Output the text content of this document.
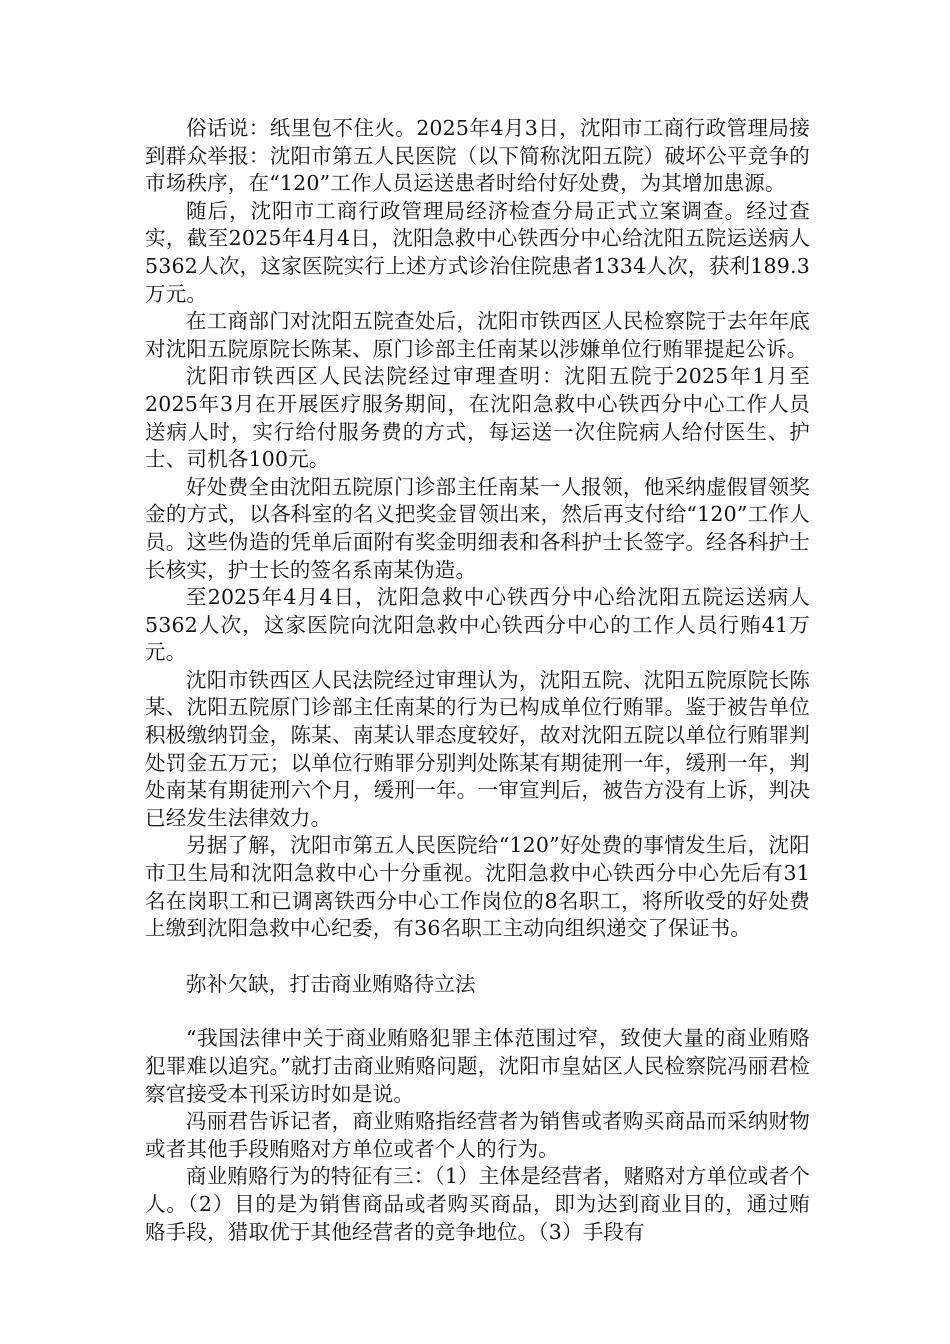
俗话说：纸里包不住火。2025年4月3日，沈阳市工商行政管理局接到群众举报：沈阳市第五人民医院（以下简称沈阳五院）破坏公平竞争的市场秩序，在“120”工作人员运送患者时给付好处费，为其增加患源。

随后，沈阳市工商行政管理局经济检查分局正式立案调查。经过查实，截至2025年4月4日，沈阳急救中心铁西分中心给沈阳五院运送病人5362人次，这家医院实行上述方式诊治住院患者1334人次，获利189.3万元。

在工商部门对沈阳五院查处后，沈阳市铁西区人民检察院于去年年底对沈阳五院原院长陈某、原门诊部主任南某以涉嫌单位行贿罪提起公诉。

沈阳市铁西区人民法院经过审理查明：沈阳五院于2025年1月至2025年3月在开展医疗服务期间，在沈阳急救中心铁西分中心工作人员送病人时，实行给付服务费的方式，每运送一次住院病人给付医生、护士、司机各100元。

好处费全由沈阳五院原门诊部主任南某一人报领，他采纳虚假冒领奖金的方式，以各科室的名义把奖金冒领出来，然后再支付给“120”工作人员。这些伪造的凭单后面附有奖金明细表和各科护士长签字。经各科护士长核实，护士长的签名系南某伪造。

至2025年4月4日，沈阳急救中心铁西分中心给沈阳五院运送病人5362人次，这家医院向沈阳急救中心铁西分中心的工作人员行贿41万元。

沈阳市铁西区人民法院经过审理认为，沈阳五院、沈阳五院原院长陈某、沈阳五院原门诊部主任南某的行为已构成单位行贿罪。鉴于被告单位积极缴纳罚金，陈某、南某认罪态度较好，故对沈阳五院以单位行贿罪判处罚金五万元；以单位行贿罪分别判处陈某有期徒刑一年，缓刑一年，判处南某有期徒刑六个月，缓刑一年。一审宣判后，被告方没有上诉，判决已经发生法律效力。

另据了解，沈阳市第五人民医院给“120”好处费的事情发生后，沈阳市卫生局和沈阳急救中心十分重视。沈阳急救中心铁西分中心先后有31名在岗职工和已调离铁西分中心工作岗位的8名职工，将所收受的好处费上缴到沈阳急救中心纪委，有36名职工主动向组织递交了保证书。

弥补欠缺，打击商业贿赂待立法

“我国法律中关于商业贿赂犯罪主体范围过窄，致使大量的商业贿赂犯罪难以追究。”就打击商业贿赂问题，沈阳市皇姑区人民检察院冯丽君检察官接受本刊采访时如是说。

冯丽君告诉记者，商业贿赂指经营者为销售或者购买商品而采纳财物或者其他手段贿赂对方单位或者个人的行为。

商业贿赂行为的特征有三：（1）主体是经营者，赌赂对方单位或者个人。（2）目的是为销售商品或者购买商品，即为达到商业目的，通过贿赂手段，猎取优于其他经营者的竞争地位。（3）手段有
